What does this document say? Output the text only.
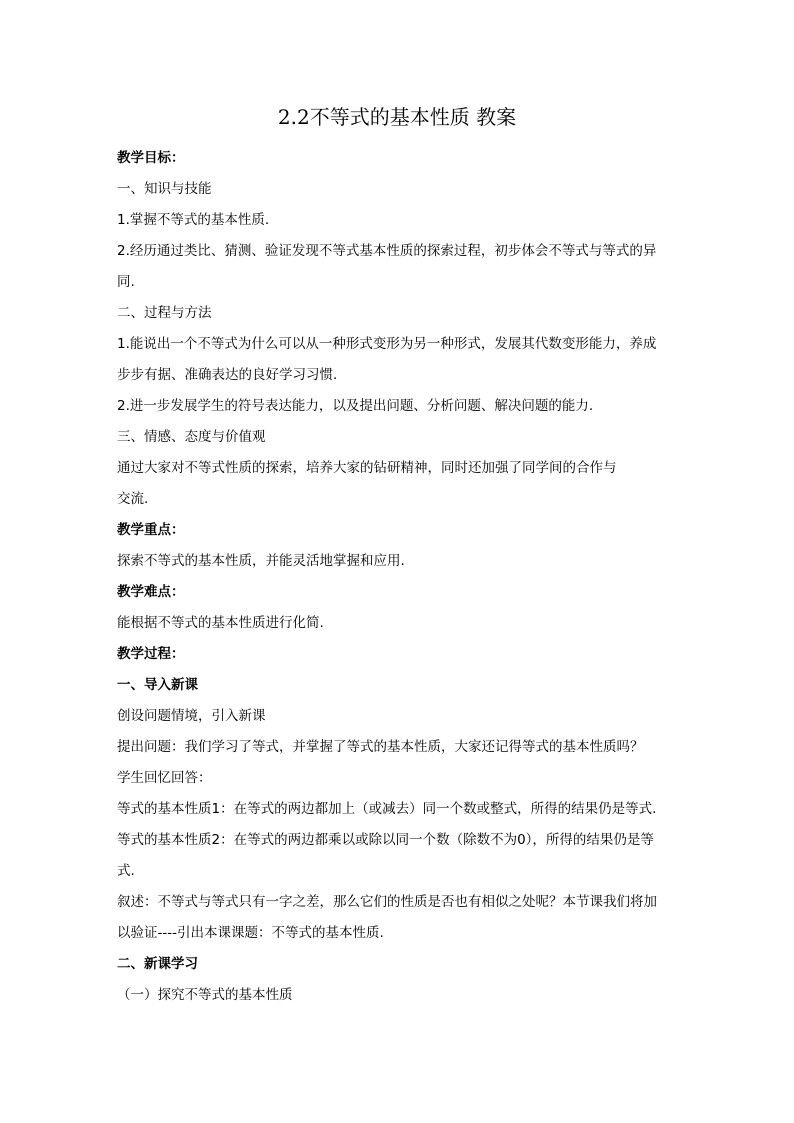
2.2不等式的基本性质 教案
教学目标：
一、知识与技能
1.掌握不等式的基本性质.
2.经历通过类比、猜测、验证发现不等式基本性质的探索过程，初步体会不等式与等式的异
同.
二、过程与方法
1.能说出一个不等式为什么可以从一种形式变形为另一种形式，发展其代数变形能力，养成
步步有据、准确表达的良好学习习惯.
2.进一步发展学生的符号表达能力，以及提出问题、分析问题、解决问题的能力.
三、情感、态度与价值观
通过大家对不等式性质的探索，培养大家的钻研精神，同时还加强了同学间的合作与
交流.
教学重点：
探索不等式的基本性质，并能灵活地掌握和应用.
教学难点：
能根据不等式的基本性质进行化简.
教学过程：
一、导入新课
创设问题情境，引入新课
提出问题：我们学习了等式，并掌握了等式的基本性质，大家还记得等式的基本性质吗？
学生回忆回答：
等式的基本性质1：在等式的两边都加上（或减去）同一个数或整式，所得的结果仍是等式.
等式的基本性质2：在等式的两边都乘以或除以同一个数（除数不为0），所得的结果仍是等
式.
叙述：不等式与等式只有一字之差，那么它们的性质是否也有相似之处呢？本节课我们将加
以验证----引出本课课题：不等式的基本性质.
二、新课学习
（一）探究不等式的基本性质
